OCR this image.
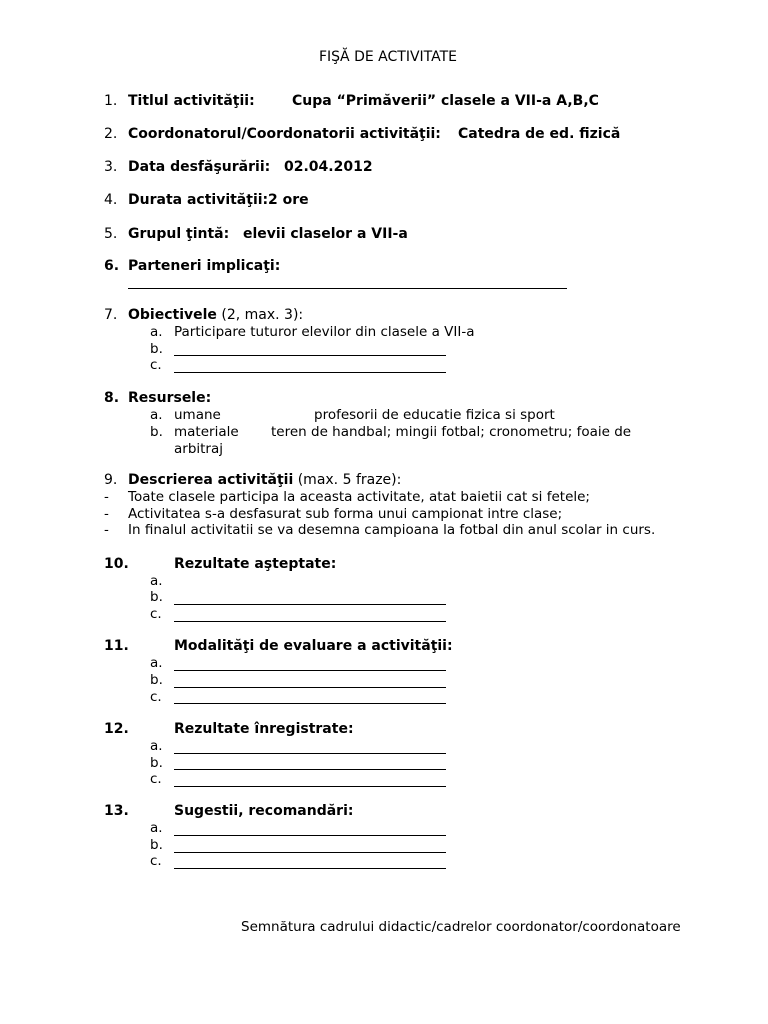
FIŞĂ DE ACTIVITATE
1. Titlul activităţii:	Cupa “Primăverii” clasele a VII-a A,B,C
2. Coordonatorul/Coordonatorii activităţii: Catedra de ed. fizică
3. Data desfăşurării: 02.04.2012
4. Durata activităţii: 2 ore
5. Grupul ţintă: elevii claselor a VII-a
6. Parteneri implicaţi:
7. Obiectivele (2, max. 3):
a. Participare tuturor elevilor din clasele a VII-a
b.
c.
8. Resursele:
a. umane	profesorii de educatie fizica si sport
b. materiale teren de handbal; mingii fotbal; cronometru; foaie de
arbitraj
9. Descrierea activităţii (max. 5 fraze):
- Toate clasele participa la aceasta activitate, atat baietii cat si fetele;
- Activitatea s-a desfasurat sub forma unui campionat intre clase;
- In finalul activitatii se va desemna campioana la fotbal din anul scolar in curs.
10.	Rezultate aşteptate:
a.
b.
c.
11.	Modalităţi de evaluare a activităţii:
a.
b.
c.
12.	Rezultate înregistrate:
a.
b.
c.
13.	Sugestii, recomandări:
a.
b.
c.
Semnătura cadrului didactic/cadrelor coordonator/coordonatoare
